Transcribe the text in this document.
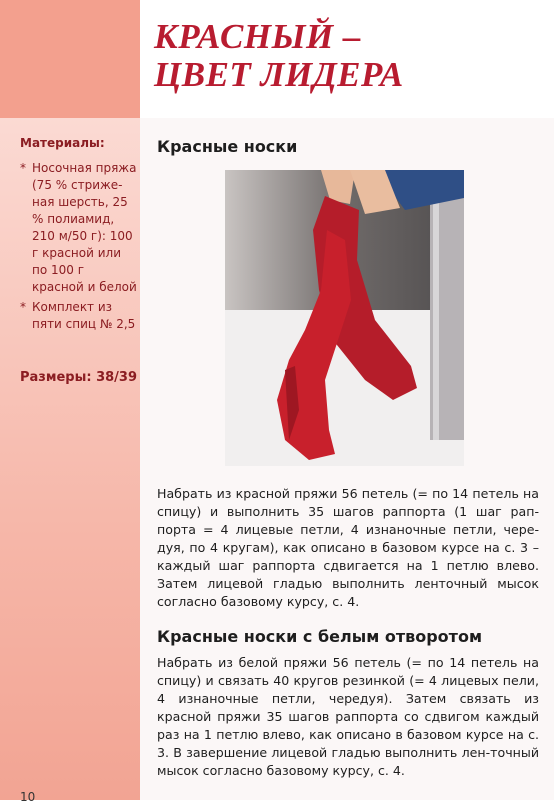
КРАСНЫЙ –
ЦВЕТ ЛИДЕРА
Материалы:
* Носочная пряжа (75 % стриже-ная шерсть, 25 % полиамид, 210 м/50 г): 100 г красной или по 100 г красной и белой
* Комплект из пяти спиц № 2,5
Размеры: 38/39
Красные носки

Набрать из красной пряжи 56 петель (= по 14 петель на спицу) и выполнить 35 шагов раппорта (1 шаг рап-порта = 4 лицевые петли, 4 изнаночные петли, чере-дуя, по 4 кругам), как описано в базовом курсе на с. 3 – каждый шаг раппорта сдвигается на 1 петлю влево. Затем лицевой гладью выполнить ленточный мысок согласно базовому курсу, с. 4.

Красные носки с белым отворотом

Набрать из белой пряжи 56 петель (= по 14 петель на спицу) и связать 40 кругов резинкой (= 4 лицевых пели, 4 изнаночные петли, чередуя). Затем связать из красной пряжи 35 шагов раппорта со сдвигом каждый раз на 1 петлю влево, как описано в базовом курсе на с. 3. В завершение лицевой гладью выполнить лен-точный мысок согласно базовому курсу, с. 4.

10
